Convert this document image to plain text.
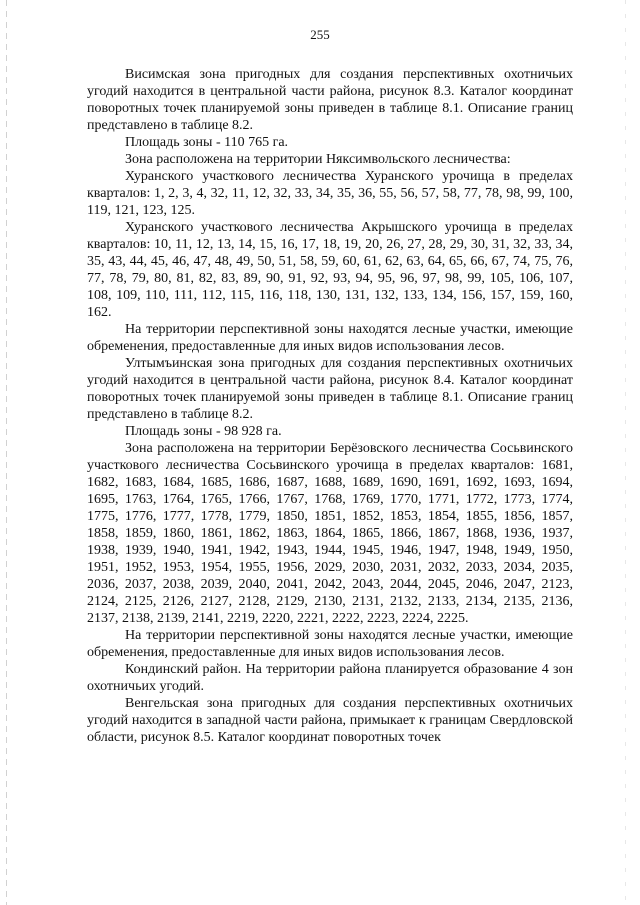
255

Висимская зона пригодных для создания перспективных охотничьих угодий находится в центральной части района, рисунок 8.3. Каталог координат поворотных точек планируемой зоны приведен в таблице 8.1. Описание границ представлено в таблице 8.2.

Площадь зоны - 110 765 га.

Зона расположена на территории Няксимвольского лесничества:

Хуранского участкового лесничества Хуранского урочища в пределах кварталов: 1, 2, 3, 4, 32, 11, 12, 32, 33, 34, 35, 36, 55, 56, 57, 58, 77, 78, 98, 99, 100, 119, 121, 123, 125.

Хуранского участкового лесничества Акрышского урочища в пределах кварталов: 10, 11, 12, 13, 14, 15, 16, 17, 18, 19, 20, 26, 27, 28, 29, 30, 31, 32, 33, 34, 35, 43, 44, 45, 46, 47, 48, 49, 50, 51, 58, 59, 60, 61, 62, 63, 64, 65, 66, 67, 74, 75, 76, 77, 78, 79, 80, 81, 82, 83, 89, 90, 91, 92, 93, 94, 95, 96, 97, 98, 99, 105, 106, 107, 108, 109, 110, 111, 112, 115, 116, 118, 130, 131, 132, 133, 134, 156, 157, 159, 160, 162.

На территории перспективной зоны находятся лесные участки, имеющие обременения, предоставленные для иных видов использования лесов.

Ултымъинская зона пригодных для создания перспективных охотничьих угодий находится в центральной части района, рисунок 8.4. Каталог координат поворотных точек планируемой зоны приведен в таблице 8.1. Описание границ представлено в таблице 8.2.

Площадь зоны - 98 928 га.

Зона расположена на территории Берёзовского лесничества Сосьвинского участкового лесничества Сосьвинского урочища в пределах кварталов: 1681, 1682, 1683, 1684, 1685, 1686, 1687, 1688, 1689, 1690, 1691, 1692, 1693, 1694, 1695, 1763, 1764, 1765, 1766, 1767, 1768, 1769, 1770, 1771, 1772, 1773, 1774, 1775, 1776, 1777, 1778, 1779, 1850, 1851, 1852, 1853, 1854, 1855, 1856, 1857, 1858, 1859, 1860, 1861, 1862, 1863, 1864, 1865, 1866, 1867, 1868, 1936, 1937, 1938, 1939, 1940, 1941, 1942, 1943, 1944, 1945, 1946, 1947, 1948, 1949, 1950, 1951, 1952, 1953, 1954, 1955, 1956, 2029, 2030, 2031, 2032, 2033, 2034, 2035, 2036, 2037, 2038, 2039, 2040, 2041, 2042, 2043, 2044, 2045, 2046, 2047, 2123, 2124, 2125, 2126, 2127, 2128, 2129, 2130, 2131, 2132, 2133, 2134, 2135, 2136, 2137, 2138, 2139, 2141, 2219, 2220, 2221, 2222, 2223, 2224, 2225.

На территории перспективной зоны находятся лесные участки, имеющие обременения, предоставленные для иных видов использования лесов.

Кондинский район. На территории района планируется образование 4 зон охотничьих угодий.

Венгельская зона пригодных для создания перспективных охотничьих угодий находится в западной части района, примыкает к границам Свердловской области, рисунок 8.5. Каталог координат поворотных точек
